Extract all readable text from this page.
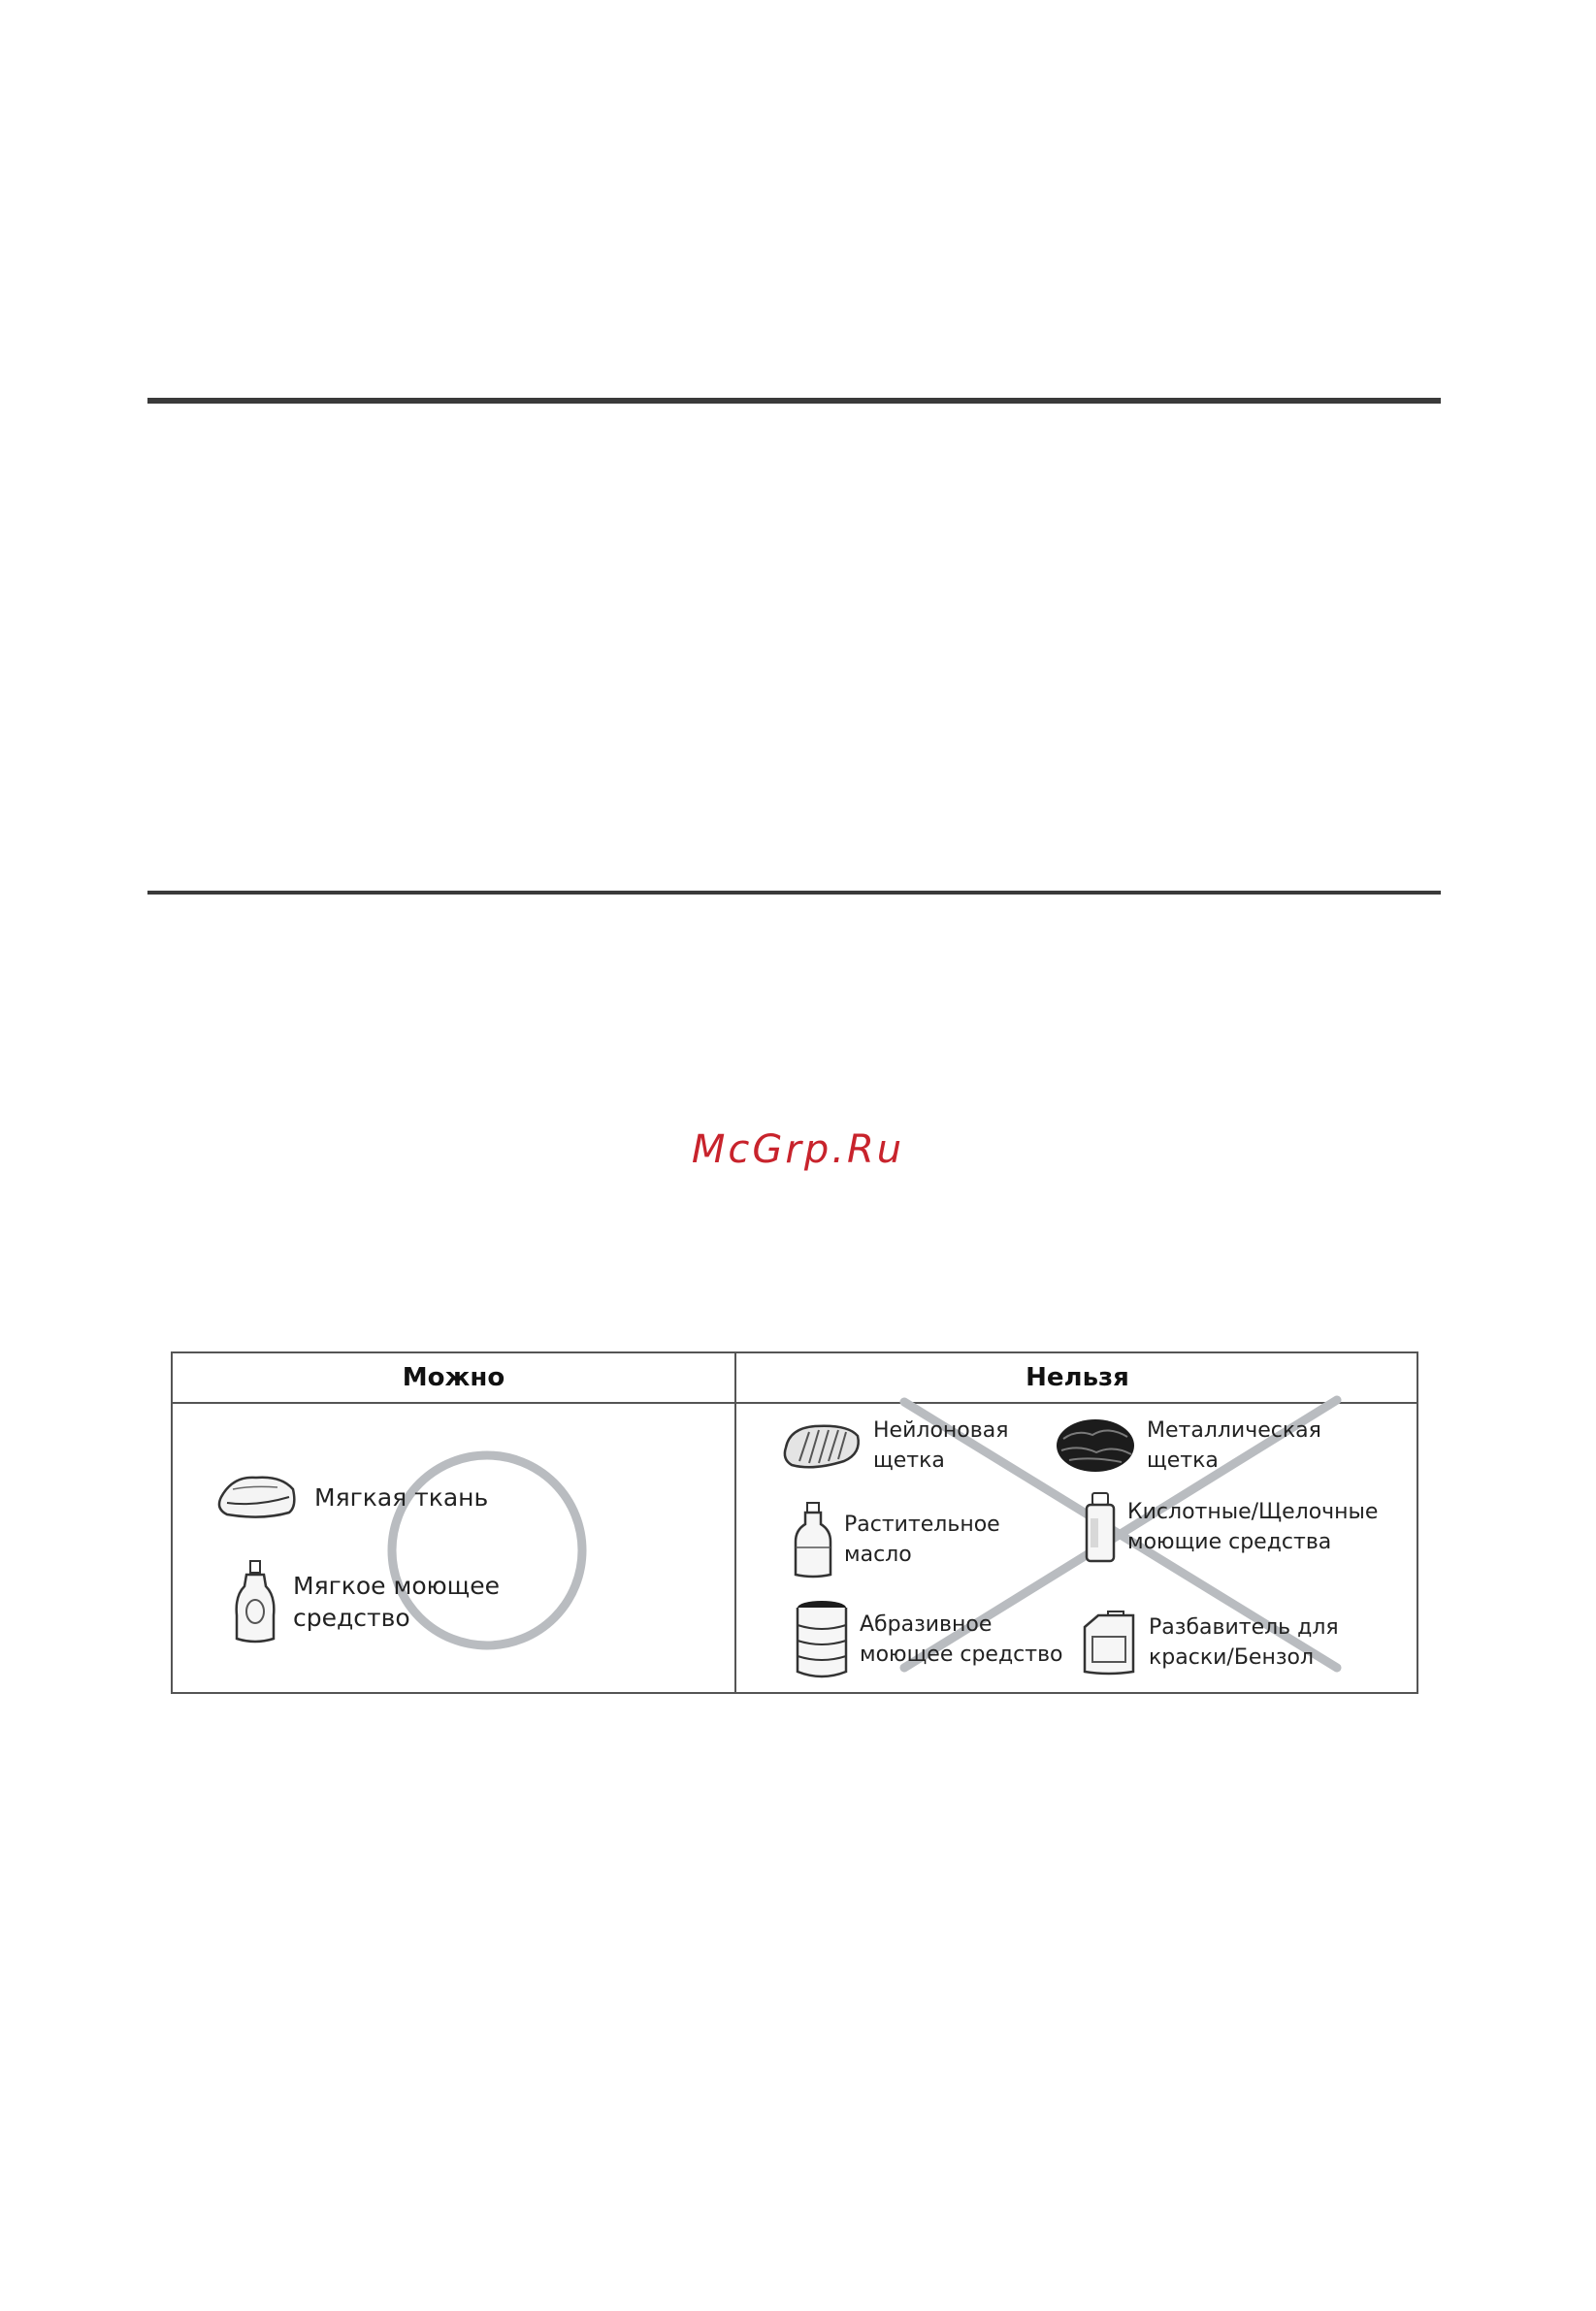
McGrp.Ru
Можно	Нельзя
Мягкая ткань
Мягкое моющее
средство
Нейлоновая
щетка
Металлическая
щетка
Растительное
масло
Кислотные/Щелочные
моющие средства
Абразивное
моющее средство
Разбавитель для
краски/Бензол
